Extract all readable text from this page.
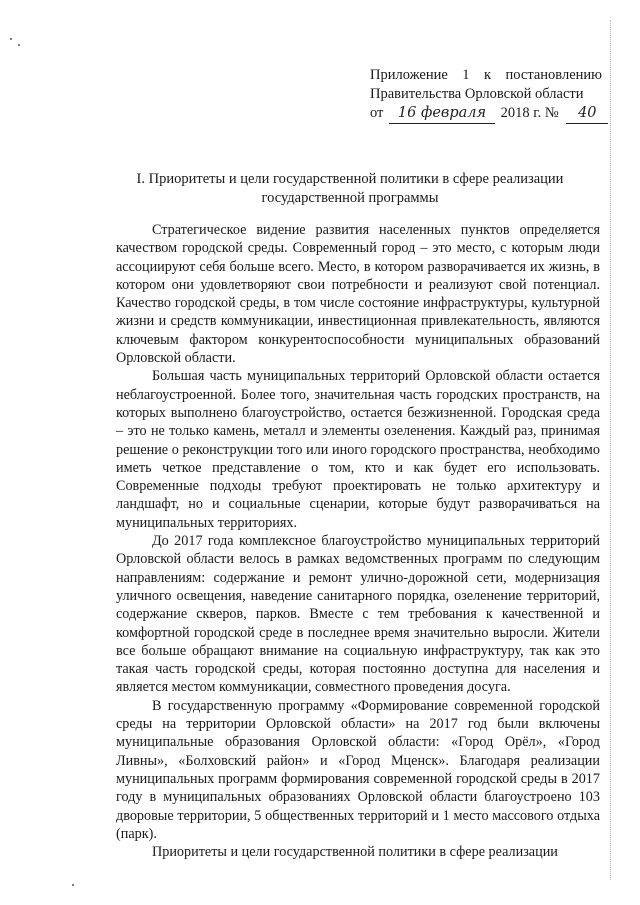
Приложение 1 к постановлению
Правительства Орловской области
от 16 февраля 2018 г. № 40
I. Приоритеты и цели государственной политики в сфере реализации государственной программы

Стратегическое видение развития населенных пунктов определяется качеством городской среды. Современный город – это место, с которым люди ассоциируют себя больше всего. Место, в котором разворачивается их жизнь, в котором они удовлетворяют свои потребности и реализуют свой потенциал. Качество городской среды, в том числе состояние инфраструктуры, культурной жизни и средств коммуникации, инвестиционная привлекательность, являются ключевым фактором конкурентоспособности муниципальных образований Орловской области.

Большая часть муниципальных территорий Орловской области остается неблагоустроенной. Более того, значительная часть городских пространств, на которых выполнено благоустройство, остается безжизненной. Городская среда – это не только камень, металл и элементы озеленения. Каждый раз, принимая решение о реконструкции того или иного городского пространства, необходимо иметь четкое представление о том, кто и как будет его использовать. Современные подходы требуют проектировать не только архитектуру и ландшафт, но и социальные сценарии, которые будут разворачиваться на муниципальных территориях.

До 2017 года комплексное благоустройство муниципальных территорий Орловской области велось в рамках ведомственных программ по следующим направлениям: содержание и ремонт улично-дорожной сети, модернизация уличного освещения, наведение санитарного порядка, озеленение территорий, содержание скверов, парков. Вместе с тем требования к качественной и комфортной городской среде в последнее время значительно выросли. Жители все больше обращают внимание на социальную инфраструктуру, так как это такая часть городской среды, которая постоянно доступна для населения и является местом коммуникации, совместного проведения досуга.

В государственную программу «Формирование современной городской среды на территории Орловской области» на 2017 год были включены муниципальные образования Орловской области: «Город Орёл», «Город Ливны», «Болховский район» и «Город Мценск». Благодаря реализации муниципальных программ формирования современной городской среды в 2017 году в муниципальных образованиях Орловской области благоустроено 103 дворовые территории, 5 общественных территорий и 1 место массового отдыха (парк).

Приоритеты и цели государственной политики в сфере реализации
